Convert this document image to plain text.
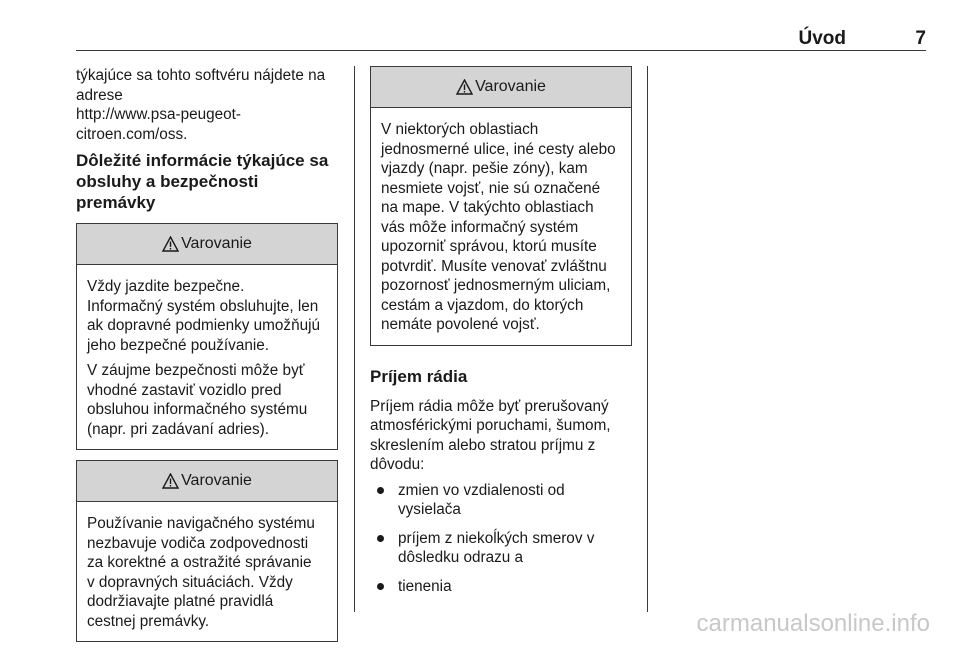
Úvod	7

týkajúce sa tohto softvéru nájdete na
adrese
http://www.psa-peugeot-
citroen.com/oss.

Dôležité informácie týkajúce sa
obsluhy a bezpečnosti premávky
Varovanie

Vždy jazdite bezpečne.
Informačný systém obsluhujte, len
ak dopravné podmienky umožňujú
jeho bezpečné používanie.

V záujme bezpečnosti môže byť
vhodné zastaviť vozidlo pred
obsluhou informačného systému
(napr. pri zadávaní adries).

Varovanie

Používanie navigačného systému
nezbavuje vodiča zodpovednosti
za korektné a ostražité správanie
v dopravných situáciách. Vždy
dodržiavajte platné pravidlá
cestnej premávky.

Varovanie

V niektorých oblastiach
jednosmerné ulice, iné cesty alebo
vjazdy (napr. pešie zóny), kam
nesmiete vojsť, nie sú označené
na mape. V takýchto oblastiach
vás môže informačný systém
upozorniť správou, ktorú musíte
potvrdiť. Musíte venovať zvláštnu
pozornosť jednosmerným uliciam,
cestám a vjazdom, do ktorých
nemáte povolené vojsť.

Príjem rádia

Príjem rádia môže byť prerušovaný
atmosférickými poruchami, šumom,
skreslením alebo stratou príjmu z
dôvodu:

zmien vo vzdialenosti od
vysielača
príjem z niekoĺkých smerov v
dôsledku odrazu a
tienenia
carmanualsonline.info
